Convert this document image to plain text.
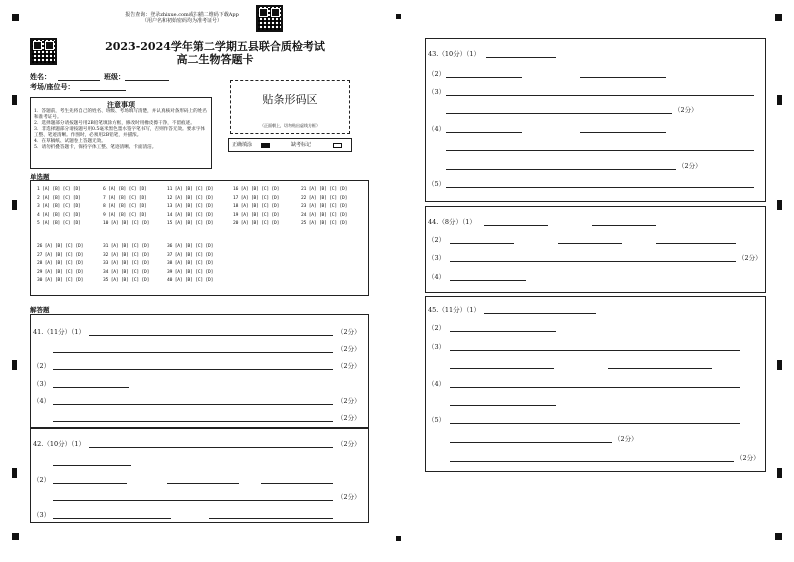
报告查询：登录zhixue.com或扫描二维码下载App
（用户名和初始密码均为准考证号）
2023-2024学年第二学期五县联合质检考试
高二生物答题卡
姓名：	班级：
考场/座位号：
贴条形码区
（正面朝上，切勿贴出虚线方框）
注意事项
1．答题前，考生先将自己的姓名、班级、考场填写清楚，并认真核对条形码上的姓名和准考证号。
2．选择题部分请按题号用2B铅笔填涂方框，修改时用橡皮擦干净，不留痕迹。
3．非选择题部分请按题号用0.5毫米黑色墨水签字笔书写，否则作答无效。要求字体工整、笔迹清晰。作图时，必须用2B铅笔，并描浓。
4．在草稿纸、试题卷上答题无效。
5．请勿折叠答题卡，保持字体工整、笔迹清晰、卡面清洁。	正确填涂	缺考标记
单选题
1 [A] [B] [C] [D]	6 [A] [B] [C] [D]	11 [A] [B] [C] [D]	16 [A] [B] [C] [D]	21 [A] [B] [C] [D]
2 [A] [B] [C] [D]	7 [A] [B] [C] [D]	12 [A] [B] [C] [D]	17 [A] [B] [C] [D]	22 [A] [B] [C] [D]
3 [A] [B] [C] [D]	8 [A] [B] [C] [D]	13 [A] [B] [C] [D]	18 [A] [B] [C] [D]	23 [A] [B] [C] [D]
4 [A] [B] [C] [D]	9 [A] [B] [C] [D]	14 [A] [B] [C] [D]	19 [A] [B] [C] [D]	24 [A] [B] [C] [D]
5 [A] [B] [C] [D]	10 [A] [B] [C] [D]	15 [A] [B] [C] [D]	20 [A] [B] [C] [D]	25 [A] [B] [C] [D]
26 [A] [B] [C] [D]	31 [A] [B] [C] [D]	36 [A] [B] [C] [D]
27 [A] [B] [C] [D]	32 [A] [B] [C] [D]	37 [A] [B] [C] [D]
28 [A] [B] [C] [D]	33 [A] [B] [C] [D]	38 [A] [B] [C] [D]
29 [A] [B] [C] [D]	34 [A] [B] [C] [D]	39 [A] [B] [C] [D]
30 [A] [B] [C] [D]	35 [A] [B] [C] [D]	40 [A] [B] [C] [D]
解答题
41.（11分）（1）	（2分）
（2分）
（2）	（2分）
（3）
（4）	（2分）
（2分）
42.（10分）（1）	（2分）
（2）
（2分）
（3）
43.（10分）（1）
（2）
（3）
（2分）
（4）
（2分）
（5）
44.（8分）（1）
（2）
（3）	（2分）
（4）
45.（11分）（1）
（2）
（3）
（4）
（5）
（2分）
（2分）
